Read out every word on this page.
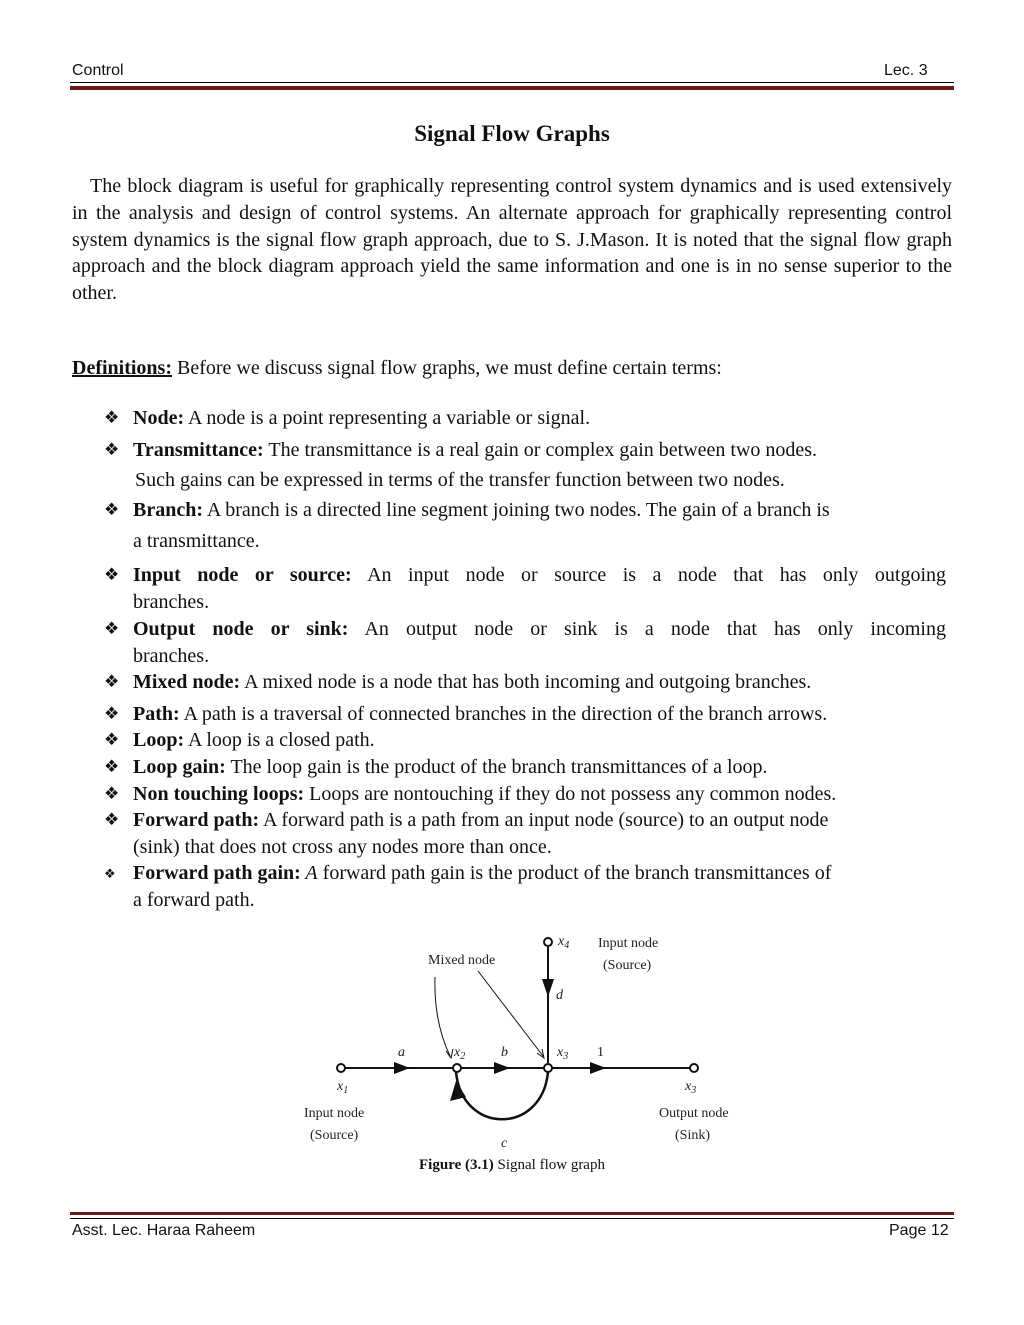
Control	Lec. 3
Signal Flow Graphs
The block diagram is useful for graphically representing control system dynamics and is used extensively in the analysis and design of control systems. An alternate approach for graphically representing control system dynamics is the signal flow graph approach, due to S. J.Mason. It is noted that the signal flow graph approach and the block diagram approach yield the same information and one is in no sense superior to the other.
Definitions: Before we discuss signal flow graphs, we must define certain terms:
❖ Node: A node is a point representing a variable or signal.
❖ Transmittance: The transmittance is a real gain or complex gain between two nodes.
Such gains can be expressed in terms of the transfer function between two nodes.
❖ Branch: A branch is a directed line segment joining two nodes. The gain of a branch is
a transmittance.
❖ Input node or source: An input node or source is a node that has only outgoing
branches.
❖ Output node or sink: An output node or sink is a node that has only incoming
branches.
❖ Mixed node: A mixed node is a node that has both incoming and outgoing branches.
❖ Path: A path is a traversal of connected branches in the direction of the branch arrows.
❖ Loop: A loop is a closed path.
❖ Loop gain: The loop gain is the product of the branch transmittances of a loop.
❖ Non touching loops: Loops are nontouching if they do not possess any common nodes.
❖ Forward path: A forward path is a path from an input node (source) to an output node
(sink) that does not cross any nodes more than once.
❖ Forward path gain: A forward path gain is the product of the branch transmittances of
a forward path.
Mixed node
Input node
(Source)
$x_4$
d
a	$x_2$	b	$x_3$ 1
$x_1$	$x_3$
c
Input node
(Source)
Output node
(Sink)
Figure (3.1) Signal flow graph
Asst. Lec. Haraa Raheem	Page 12
